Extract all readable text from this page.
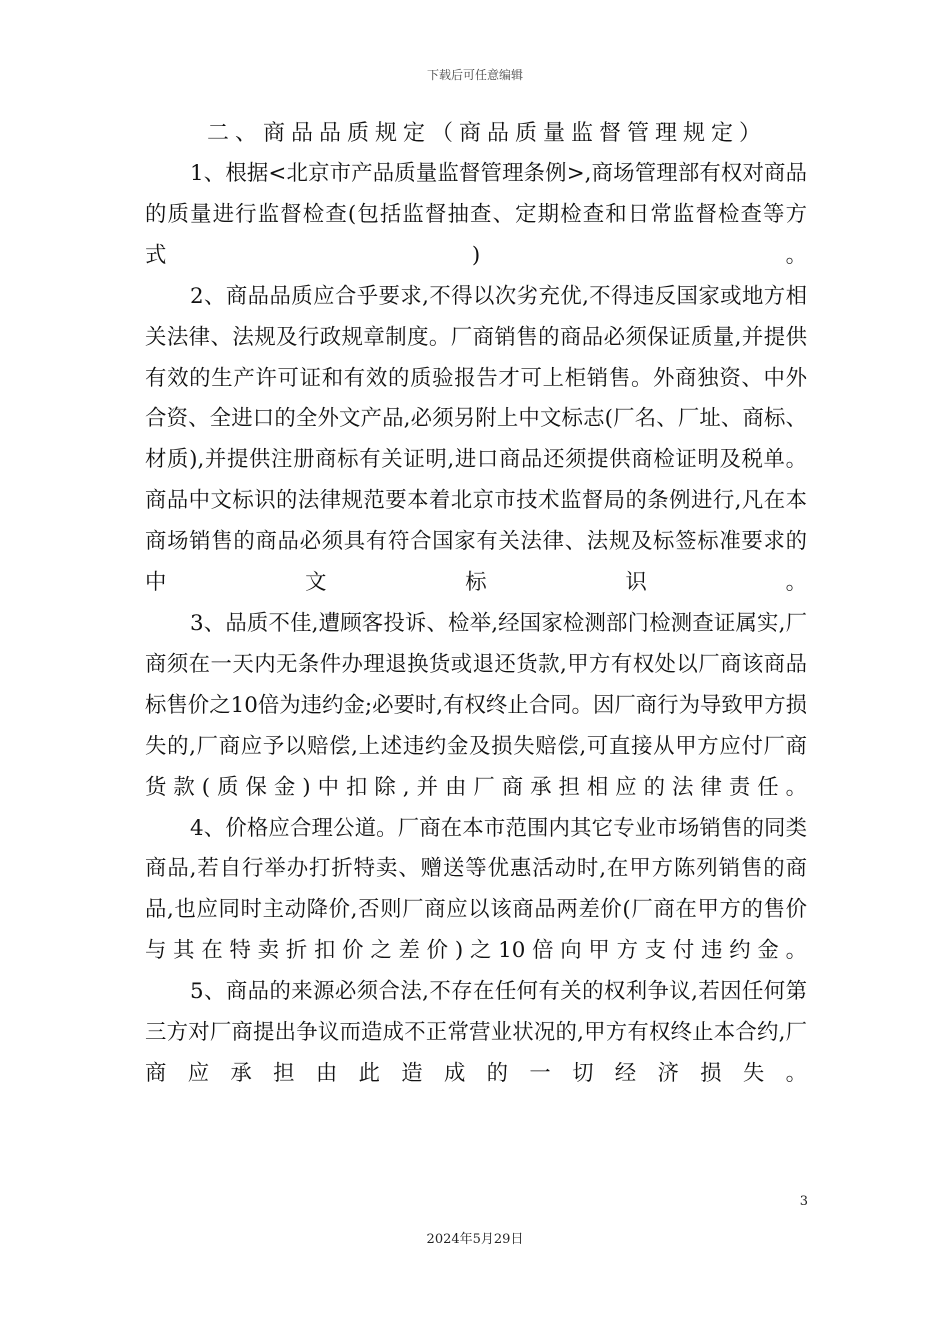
下载后可任意编辑
二、商品品质规定（商品质量监督管理规定）

1、根据<北京市产品质量监督管理条例>,商场管理部有权对商品的质量进行监督检查(包括监督抽查、定期检查和日常监督检查等方式)。

2、商品品质应合乎要求,不得以次劣充优,不得违反国家或地方相关法律、法规及行政规章制度。厂商销售的商品必须保证质量,并提供有效的生产许可证和有效的质验报告才可上柜销售。外商独资、中外合资、全进口的全外文产品,必须另附上中文标志(厂名、厂址、商标、材质),并提供注册商标有关证明,进口商品还须提供商检证明及税单。商品中文标识的法律规范要本着北京市技术监督局的条例进行,凡在本商场销售的商品必须具有符合国家有关法律、法规及标签标准要求的中文标识。

3、品质不佳,遭顾客投诉、检举,经国家检测部门检测查证属实,厂商须在一天内无条件办理退换货或退还货款,甲方有权处以厂商该商品标售价之10倍为违约金;必要时,有权终止合同。因厂商行为导致甲方损失的,厂商应予以赔偿,上述违约金及损失赔偿,可直接从甲方应付厂商货款(质保金)中扣除,并由厂商承担相应的法律责任。

4、价格应合理公道。厂商在本市范围内其它专业市场销售的同类商品,若自行举办打折特卖、赠送等优惠活动时,在甲方陈列销售的商品,也应同时主动降价,否则厂商应以该商品两差价(厂商在甲方的售价与其在特卖折扣价之差价)之10倍向甲方支付违约金。

5、商品的来源必须合法,不存在任何有关的权利争议,若因任何第三方对厂商提出争议而造成不正常营业状况的,甲方有权终止本合约,厂商应承担由此造成的一切经济损失。

3
2024年5月29日
